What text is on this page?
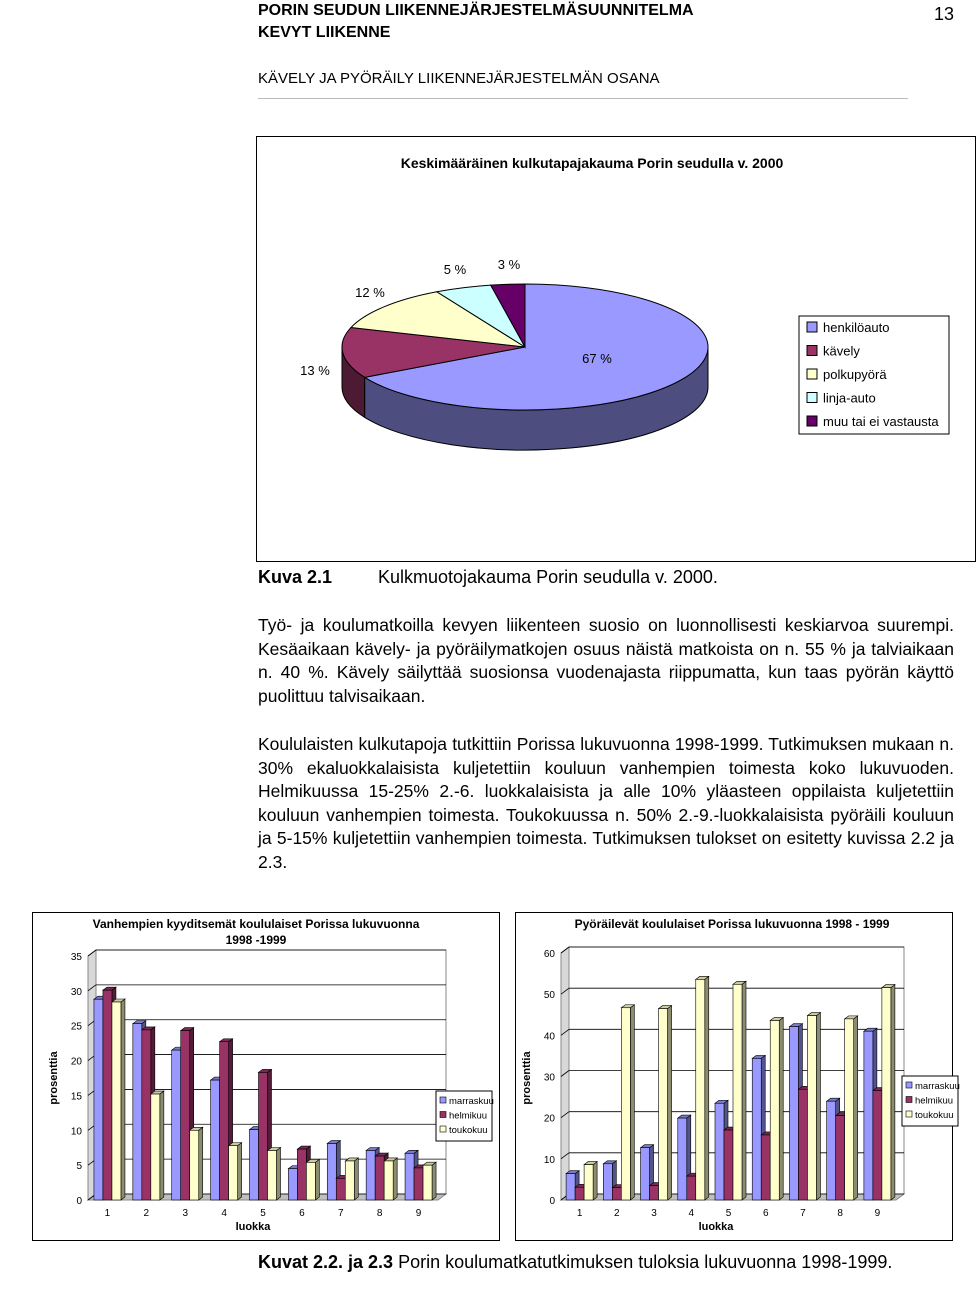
PORIN SEUDUN LIIKENNEJÄRJESTELMÄSUUNNITELMA
KEVYT LIIKENNE
13
KÄVELY JA PYÖRÄILY LIIKENNEJÄRJESTELMÄN OSANA
Keskimääräinen kulkutapajakauma Porin seudulla v. 2000
67 %
13 %
12 %
5 % 3 %
henkilöauto
kävely
polkupyörä
linja-auto
muu tai ei vastausta
Kuva 2.1	Kulkmuotojakauma Porin seudulla v. 2000.
Työ- ja koulumatkoilla kevyen liikenteen suosio on luonnollisesti keskiarvoa suurempi. Kesäaikaan kävely- ja pyöräilymatkojen osuus näistä matkoista on n. 55 % ja talviaikaan n. 40 %. Kävely säilyttää suosionsa vuodenajasta riippumatta, kun taas pyörän käyttö puolittuu talvisaikaan.
Koululaisten kulkutapoja tutkittiin Porissa lukuvuonna 1998-1999. Tutkimuksen mukaan n. 30% ekaluokkalaisista kuljetettiin kouluun vanhempien toimesta koko lukuvuoden. Helmikuussa 15-25% 2.-6. luokkalaisista ja alle 10% yläasteen oppilaista kuljetettiin kouluun vanhempien toimesta. Toukokuussa n. 50% 2.-9.-luokkalaisista pyöräili kouluun ja 5-15% kuljetettiin vanhempien toimesta. Tutkimuksen tulokset on esitetty kuvissa 2.2 ja 2.3.
Vanhempien kyyditsemät koululaiset Porissa lukuvuonna
1998 -1999
0
5
10
15
20
25
30
35
1	2	3	4	5	6	7	8	9
luokka
prosenttia	marraskuu
helmikuu
toukokuu
Pyöräilevät koululaiset Porissa lukuvuonna 1998 - 1999
0
10
20
30
40
50
60
1	2	3	4	5	6	7	8	9
luokka
prosenttia	marraskuu
helmikuu
toukokuu
Kuvat 2.2. ja 2.3 Porin koulumatkatutkimuksen tuloksia lukuvuonna 1998-1999.
